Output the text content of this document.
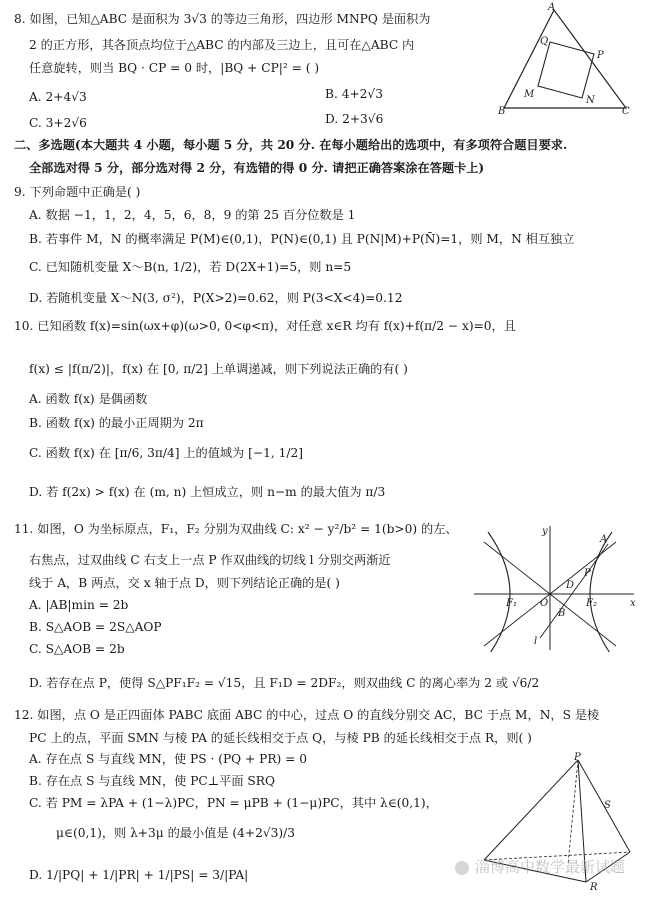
8. 如图，已知△ABC 是面积为 3√3 的等边三角形，四边形 MNPQ 是面积为
2 的正方形，其各顶点均位于△ABC 的内部及三边上，且可在△ABC 内
任意旋转，则当 BQ · CP = 0 时，|BQ + CP|² = ( )
A. 2+4√3	B. 4+2√3
C. 3+2√6	D. 2+3√6
A
Q
P
M
N
B	C
二、多选题(本大题共 4 小题，每小题 5 分，共 20 分. 在每小题给出的选项中，有多项符合题目要求.
全部选对得 5 分，部分选对得 2 分，有选错的得 0 分. 请把正确答案涂在答题卡上)
9. 下列命题中正确是( )
A. 数据 −1，1，2，4，5，6，8，9 的第 25 百分位数是 1
B. 若事件 M，N 的概率满足 P(M)∈(0,1)，P(N)∈(0,1) 且 P(N|M)+P(N̄)=1，则 M，N 相互独立
C. 已知随机变量 X～B(n, 1/2)，若 D(2X+1)=5，则 n=5
D. 若随机变量 X～N(3, σ²)，P(X>2)=0.62，则 P(3<X<4)=0.12
10. 已知函数 f(x)=sin(ωx+φ)(ω>0, 0<φ<π)，对任意 x∈R 均有 f(x)+f(π/2 − x)=0，且
f(x) ≤ |f(π/2)|，f(x) 在 [0, π/2] 上单调递减，则下列说法正确的有( )
A. 函数 f(x) 是偶函数
B. 函数 f(x) 的最小正周期为 2π
C. 函数 f(x) 在 [π/6, 3π/4] 上的值域为 [−1, 1/2]
D. 若 f(2x) > f(x) 在 (m, n) 上恒成立，则 n−m 的最大值为 π/3
11. 如图，O 为坐标原点，F₁，F₂ 分别为双曲线 C: x² − y²/b² = 1(b>0) 的左、
右焦点，过双曲线 C 右支上一点 P 作双曲线的切线 l 分别交两渐近
线于 A，B 两点，交 x 轴于点 D，则下列结论正确的是( )
A. |AB|min = 2b
B. S△AOB = 2S△AOP
C. S△AOB = 2b
D. 若存在点 P，使得 S△PF₁F₂ = √15，且 F₁D = 2DF₂，则双曲线 C 的离心率为 2 或 √6/2
y
A
P
D
F₁ O	F₂	x
B
l
12. 如图，点 O 是正四面体 PABC 底面 ABC 的中心，过点 O 的直线分别交 AC，BC 于点 M，N，S 是棱
PC 上的点，平面 SMN 与棱 PA 的延长线相交于点 Q，与棱 PB 的延长线相交于点 R，则( )
A. 存在点 S 与直线 MN，使 PS · (PQ + PR) = 0
B. 存在点 S 与直线 MN，使 PC⊥平面 SRQ
C. 若 PM = λPA + (1−λ)PC，PN = μPB + (1−μ)PC，其中 λ∈(0,1)，
μ∈(0,1)，则 λ+3μ 的最小值是 (4+2√3)/3
D. 1/|PQ| + 1/|PR| + 1/|PS| = 3/|PA|
P
S
R
淄博高中数学最新试题
